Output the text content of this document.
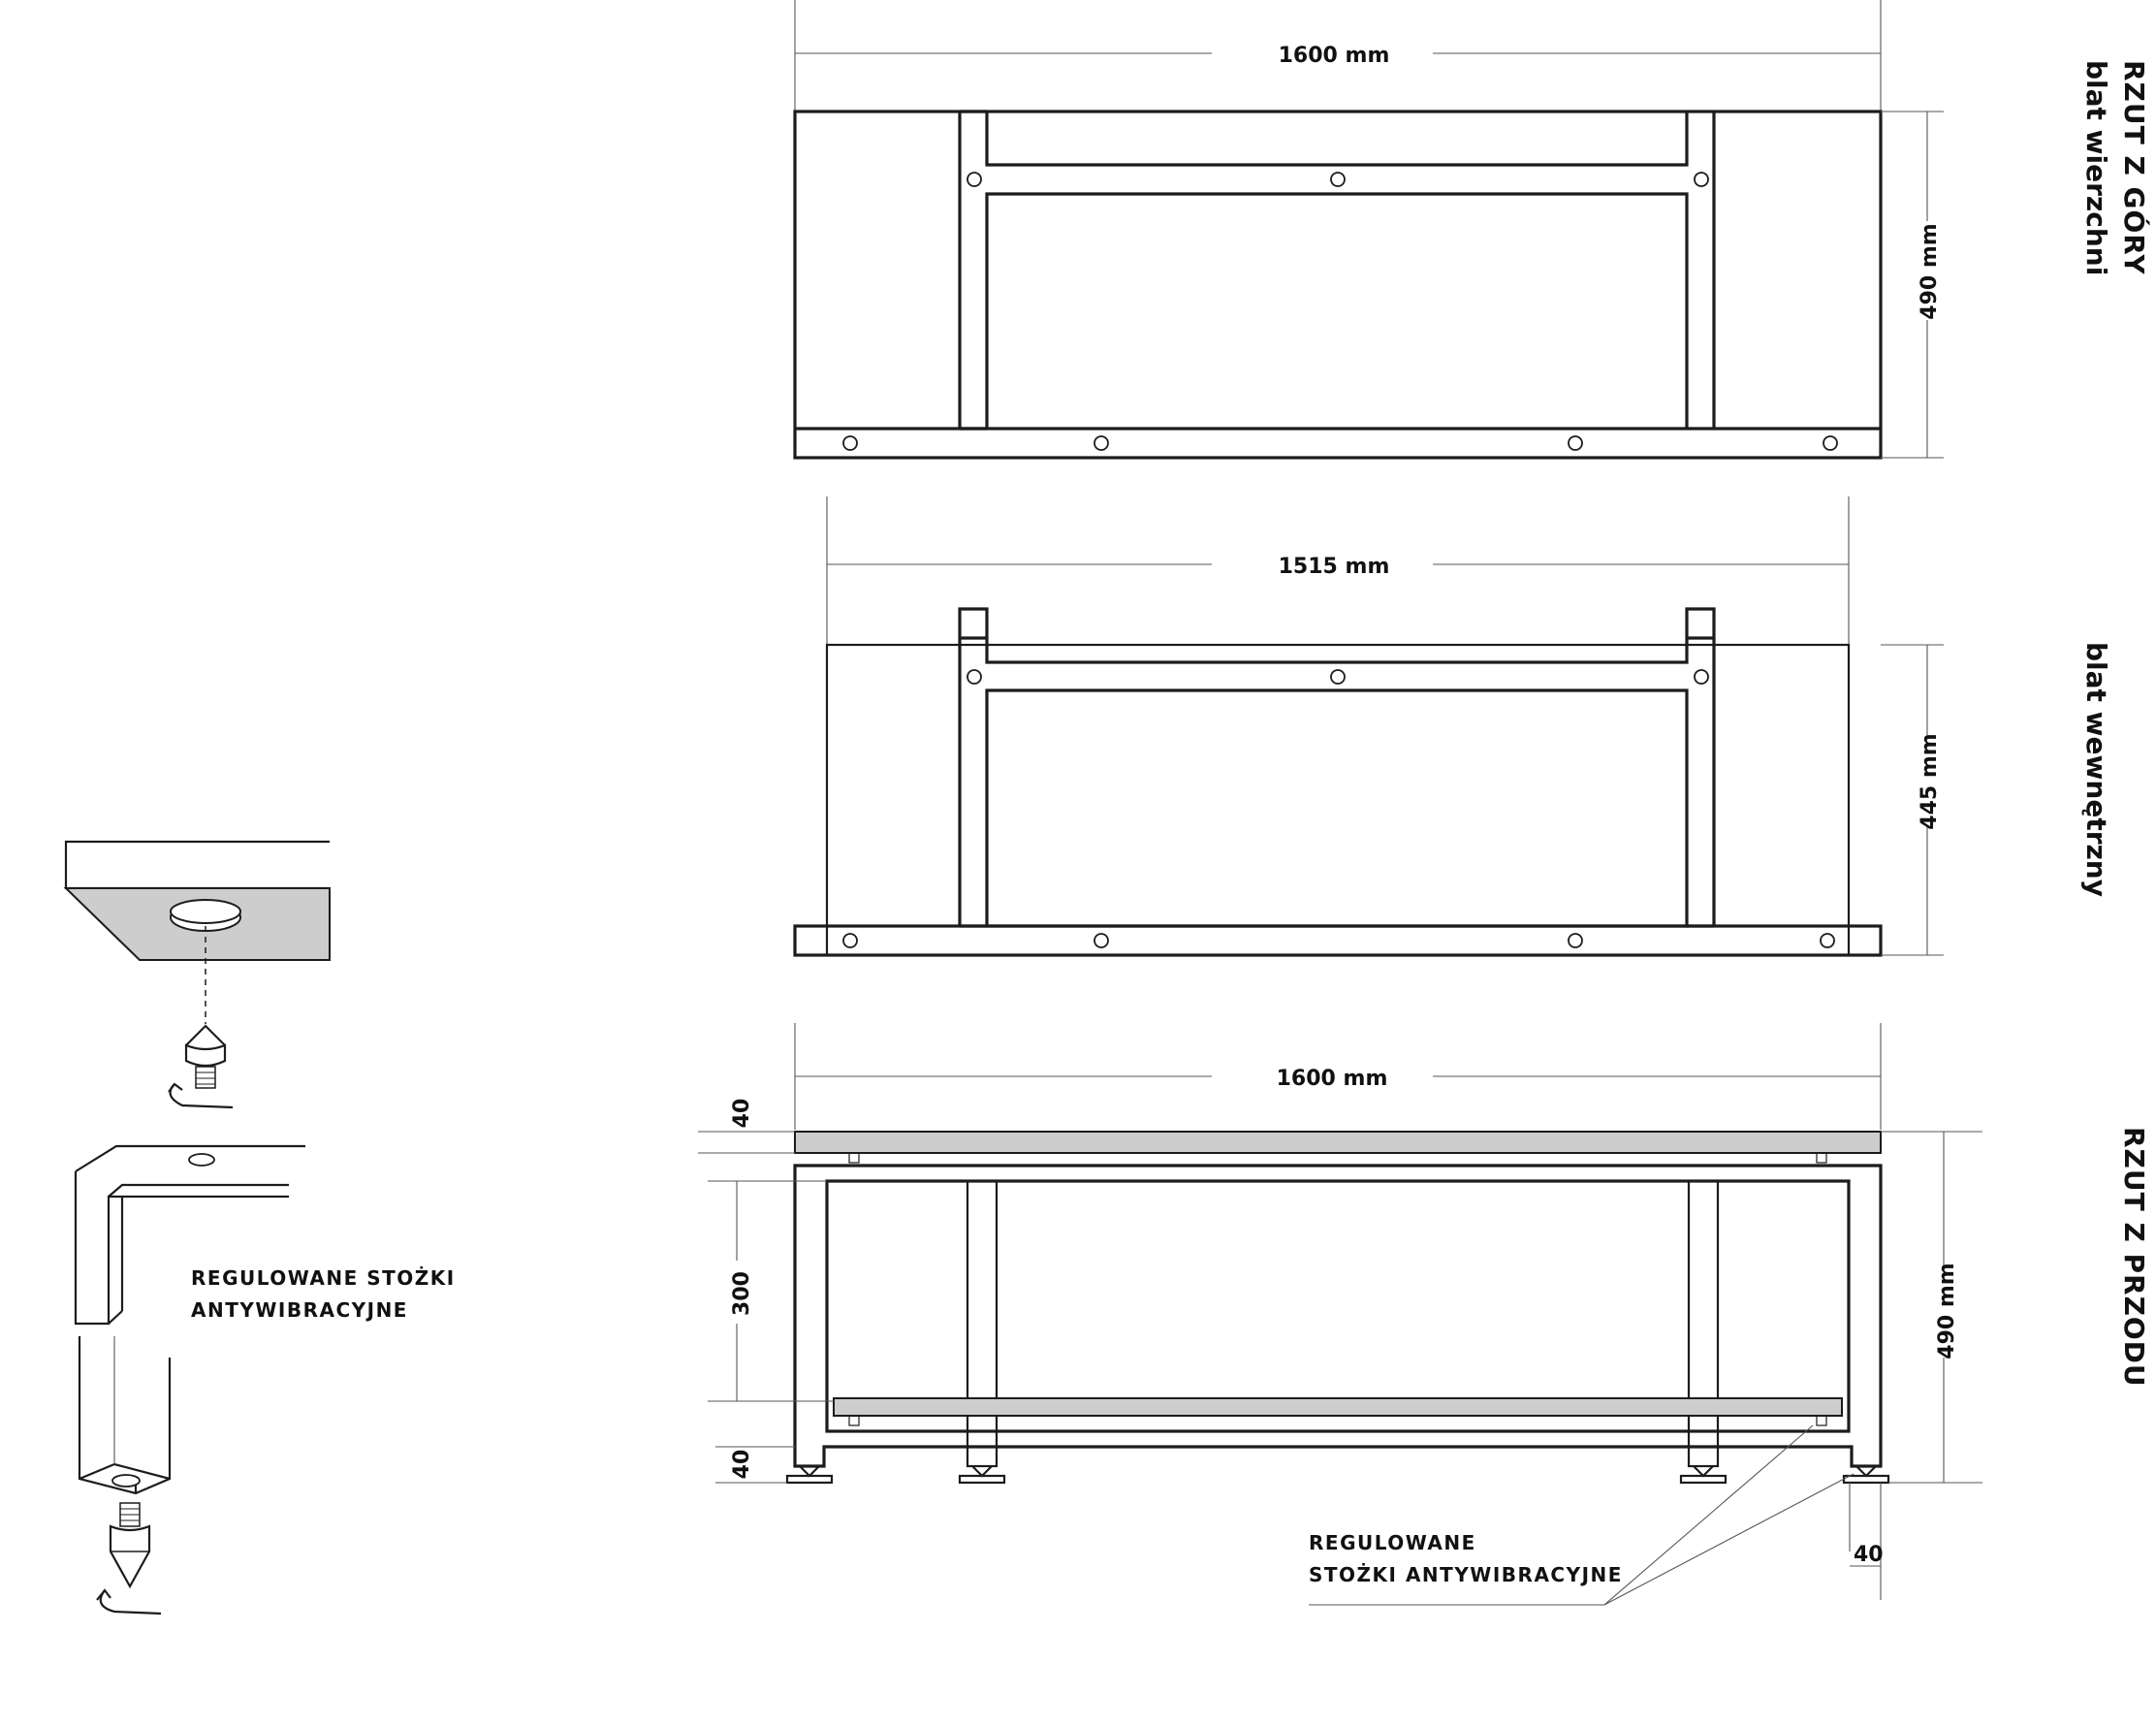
1600 mm
490 mm
1515 mm
445 mm
1600 mm
40
300
40
490 mm
40
REGULOWANE
STOŻKI ANTYWIBRACYJNE
RZUT Z GÓRY
blat wierzchni
blat wewnętrzny
RZUT Z PRZODU
REGULOWANE STOŻKI
ANTYWIBRACYJNE
